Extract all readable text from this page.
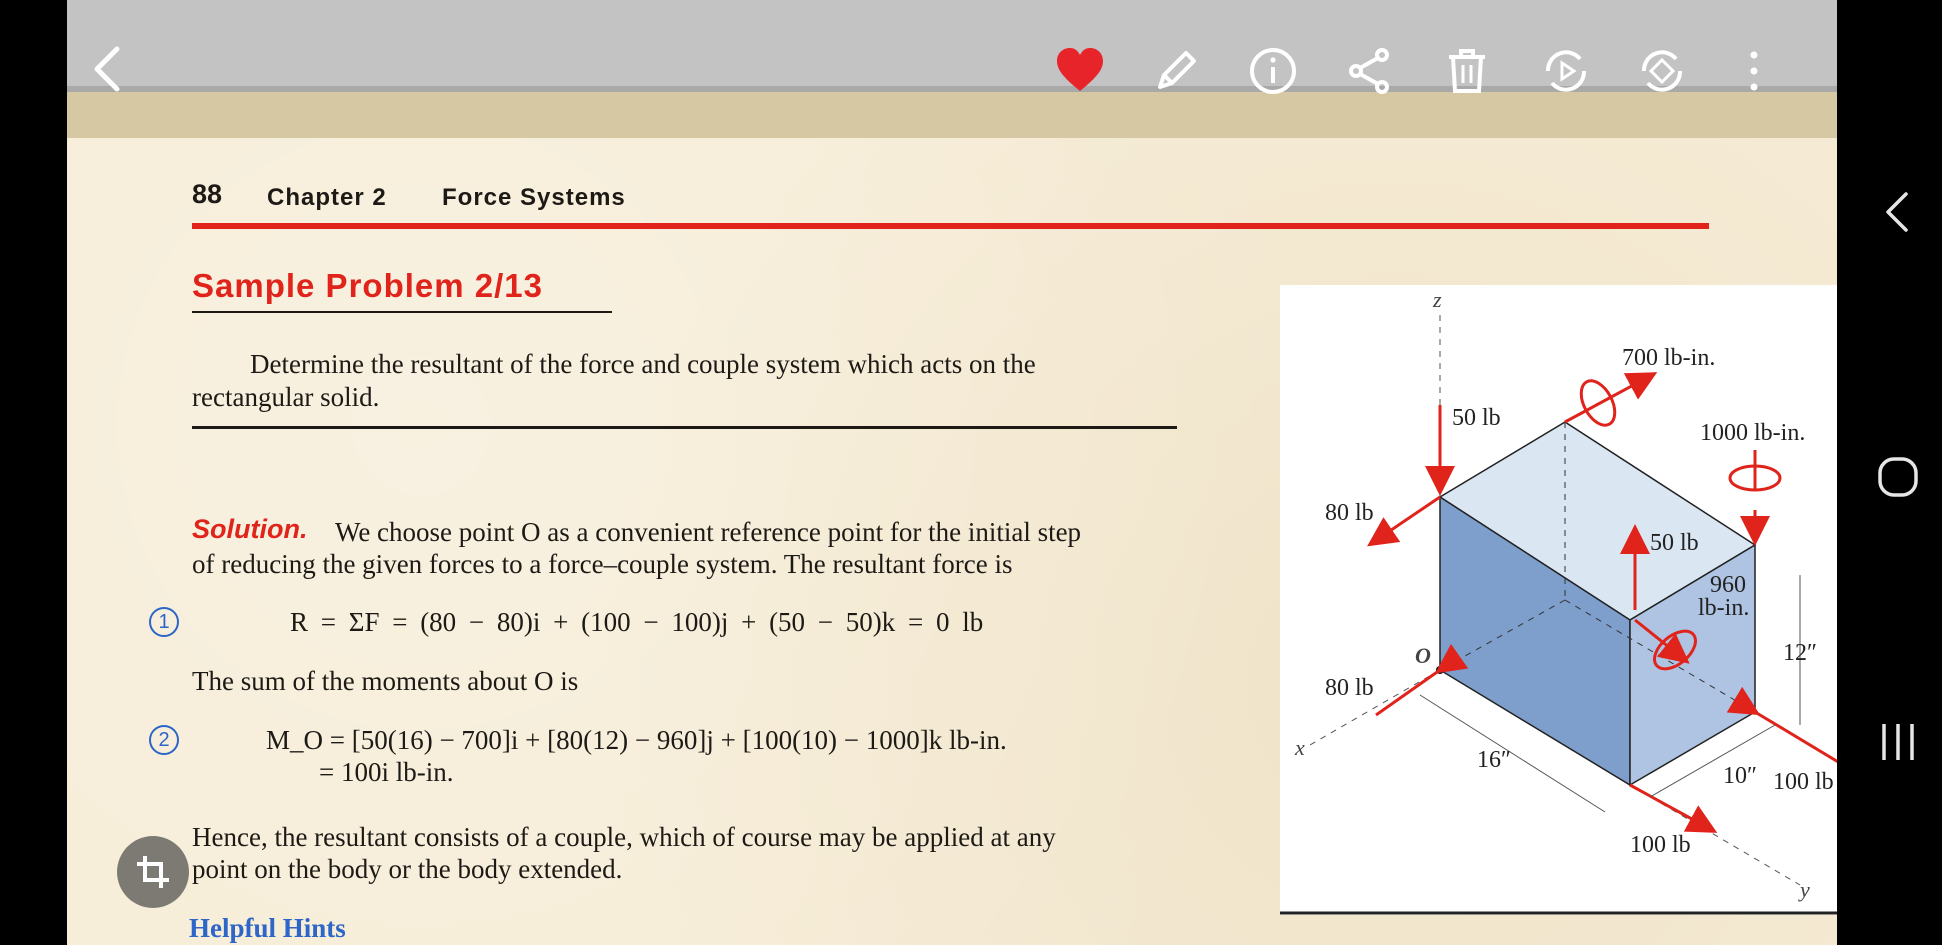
88 Chapter 2 Force Systems
Sample Problem 2/13
Determine the resultant of the force and couple system which acts on the
rectangular solid.
Solution. We choose point O as a convenient reference point for the initial step
of reducing the given forces to a force–couple system. The resultant force is
1	R = ΣF = (80 − 80)i + (100 − 100)j + (50 − 50)k = 0 lb
The sum of the moments about O is
2	M_O = [50(16) − 700]i + [80(12) − 960]j + [100(10) − 1000]k lb-in.
= 100i lb-in.
Hence, the resultant consists of a couple, which of course may be applied at any
point on the body or the body extended.
Helpful Hints
z
x
y
O
50 lb
80 lb
80 lb
50 lb
100 lb
100 lb
700 lb-in.
1000 lb-in.
960
lb-in.
16″
10″
12″
